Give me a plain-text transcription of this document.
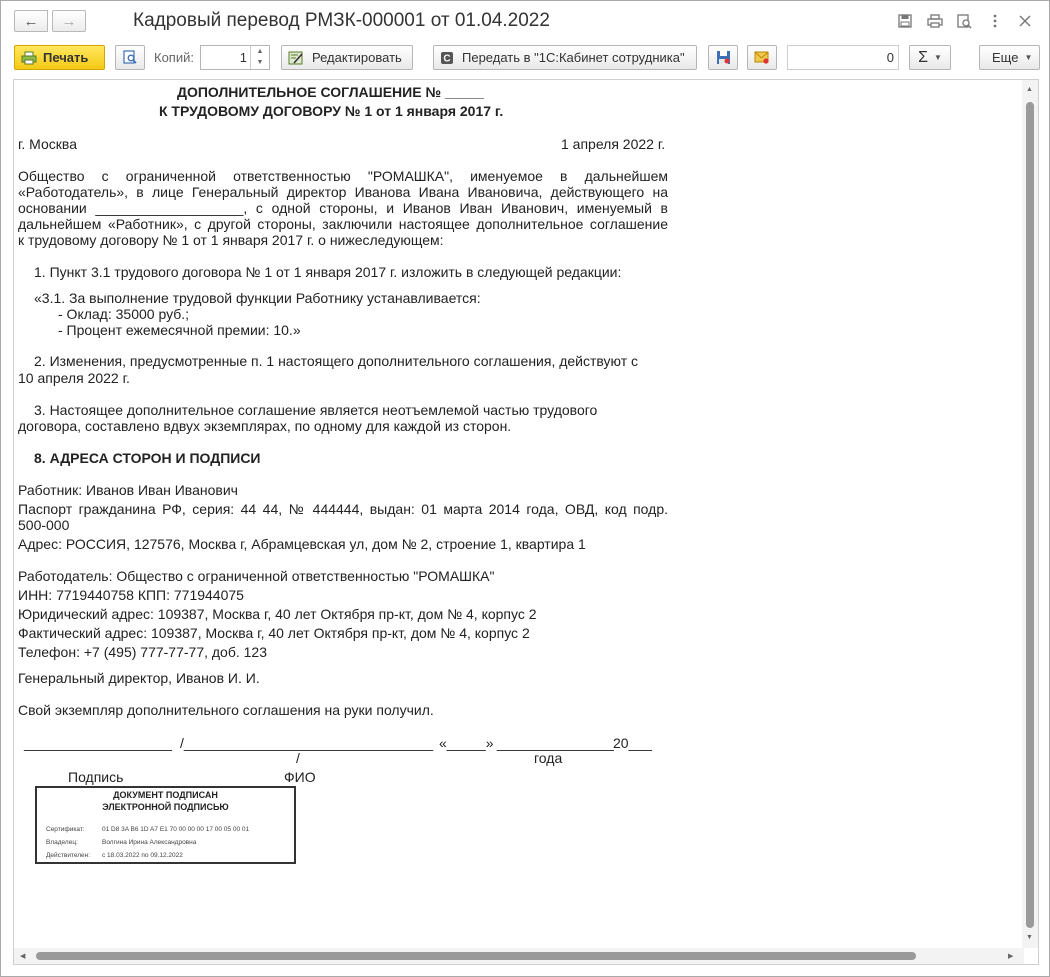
← →	Кадровый перевод РМЗК-000001 от 01.04.2022
Печать	Копий:	1	▲
▼	Редактировать	C Передать в "1С:Кабинет сотрудника"	0 Σ ▼	Еще ▼
ДОПОЛНИТЕЛЬНОЕ СОГЛАШЕНИЕ № _____
К ТРУДОВОМУ ДОГОВОРУ № 1 от 1 января 2017 г.
г. Москва	1 апреля 2022 г.
Общество с ограниченной ответственностью "РОМАШКА", именуемое в дальнейшем
«Работодатель», в лице Генеральный директор Иванова Ивана Ивановича, действующего на
основании ___________________, с одной стороны, и Иванов Иван Иванович, именуемый в
дальнейшем «Работник», с другой стороны, заключили настоящее дополнительное соглашение
к трудовому договору № 1 от 1 января 2017 г. о нижеследующем:
1. Пункт 3.1 трудового договора № 1 от 1 января 2017 г. изложить в следующей редакции:
«3.1. За выполнение трудовой функции Работнику устанавливается:
- Оклад: 35000 руб.;
- Процент ежемесячной премии: 10.»
2. Изменения, предусмотренные п. 1 настоящего дополнительного соглашения, действуют с
10 апреля 2022 г.
3. Настоящее дополнительное соглашение является неотъемлемой частью трудового
договора, составлено вдвух экземплярах, по одному для каждой из сторон.
8. АДРЕСА СТОРОН И ПОДПИСИ
Работник: Иванов Иван Иванович
Паспорт гражданина РФ, серия: 44 44, № 444444, выдан: 01 марта 2014 года, ОВД, код подр.
500-000
Адрес: РОССИЯ, 127576, Москва г, Абрамцевская ул, дом № 2, строение 1, квартира 1
Работодатель: Общество с ограниченной ответственностью "РОМАШКА"
ИНН: 7719440758 КПП: 771944075
Юридический адрес: 109387, Москва г, 40 лет Октября пр-кт, дом № 4, корпус 2
Фактический адрес: 109387, Москва г, 40 лет Октября пр-кт, дом № 4, корпус 2
Телефон: +7 (495) 777-77-77, доб. 123
Генеральный директор, Иванов И. И.
Свой экземпляр дополнительного соглашения на руки получил.
___________________ /________________________________ «_____» _______________ 20___
/	года
Подпись	ФИО
ДОКУМЕНТ ПОДПИСАН
ЭЛЕКТРОННОЙ ПОДПИСЬЮ
Сертификат:	01 D8 3A B6 1D A7 E1 70 00 00 00 17 00 05 00 01
Владелец:	Волгина Ирина Александровна
Действителен: с 18.03.2022 по 09.12.2022
▲
▼
◀	▶
